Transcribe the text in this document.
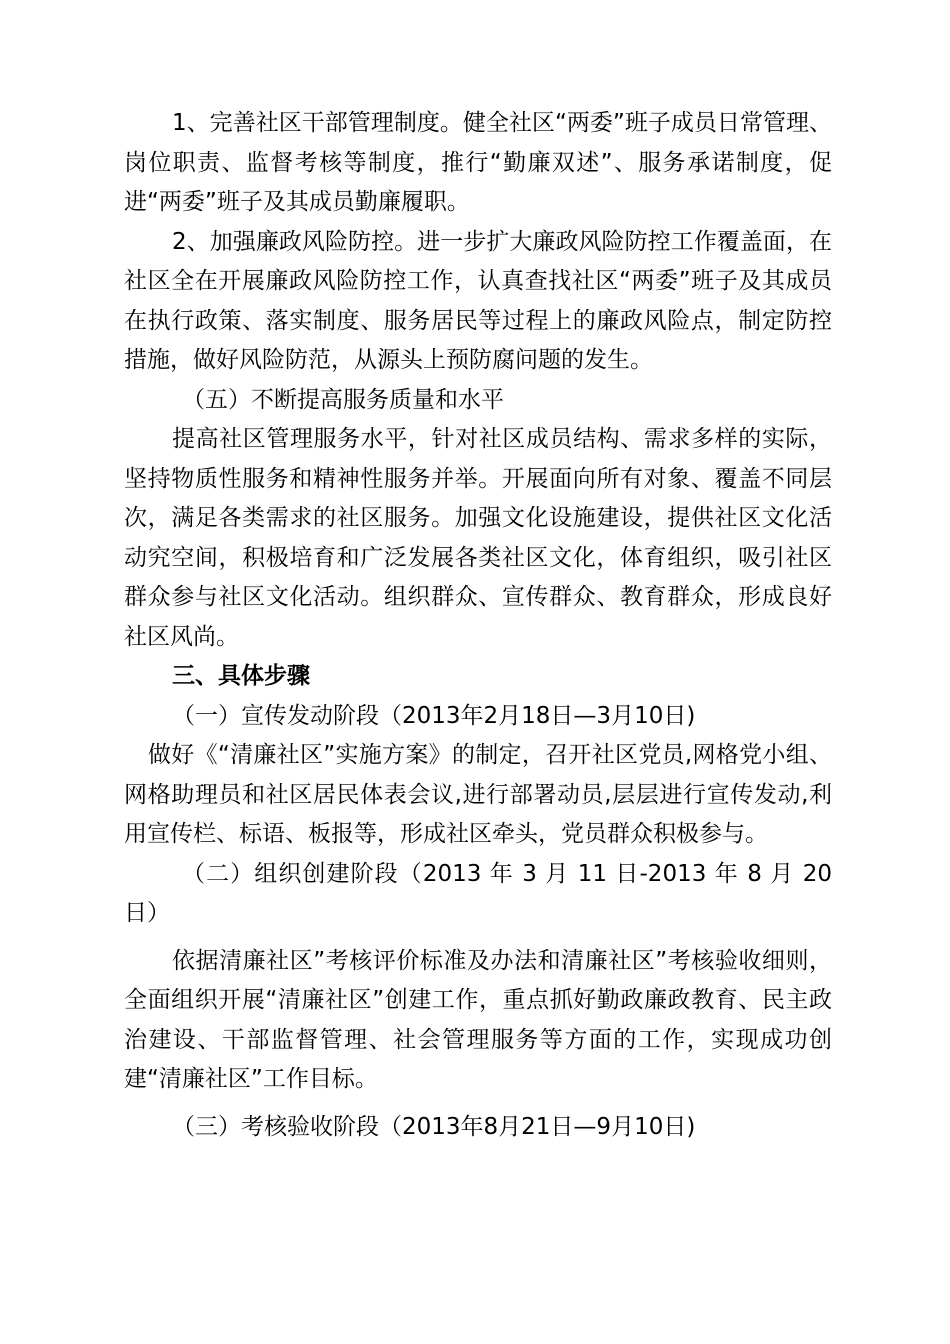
1、完善社区干部管理制度。健全社区“两委”班子成员日常管理、岗位职责、监督考核等制度，推行“勤廉双述”、服务承诺制度，促进“两委”班子及其成员勤廉履职。

2、加强廉政风险防控。进一步扩大廉政风险防控工作覆盖面，在社区全在开展廉政风险防控工作，认真查找社区“两委”班子及其成员在执行政策、落实制度、服务居民等过程上的廉政风险点，制定防控措施，做好风险防范，从源头上预防腐问题的发生。

（五）不断提高服务质量和水平

提高社区管理服务水平，针对社区成员结构、需求多样的实际，坚持物质性服务和精神性服务并举。开展面向所有对象、覆盖不同层次，满足各类需求的社区服务。加强文化设施建设，提供社区文化活动究空间，积极培育和广泛发展各类社区文化，体育组织，吸引社区群众参与社区文化活动。组织群众、宣传群众、教育群众，形成良好社区风尚。

三、具体步骤

（一）宣传发动阶段（2013年2月18日—3月10日)

做好《“清廉社区”实施方案》的制定，召开社区党员,网格党小组、网格助理员和社区居民体表会议,进行部署动员,层层进行宣传发动,利用宣传栏、标语、板报等，形成社区牵头，党员群众积极参与。

（二）组织创建阶段（2013 年 3 月 11 日-2013 年 8 月 20 日）

依据清廉社区”考核评价标准及办法和清廉社区”考核验收细则，全面组织开展“清廉社区”创建工作，重点抓好勤政廉政教育、民主政治建设、干部监督管理、社会管理服务等方面的工作，实现成功创建“清廉社区”工作目标。

（三）考核验收阶段（2013年8月21日—9月10日)
